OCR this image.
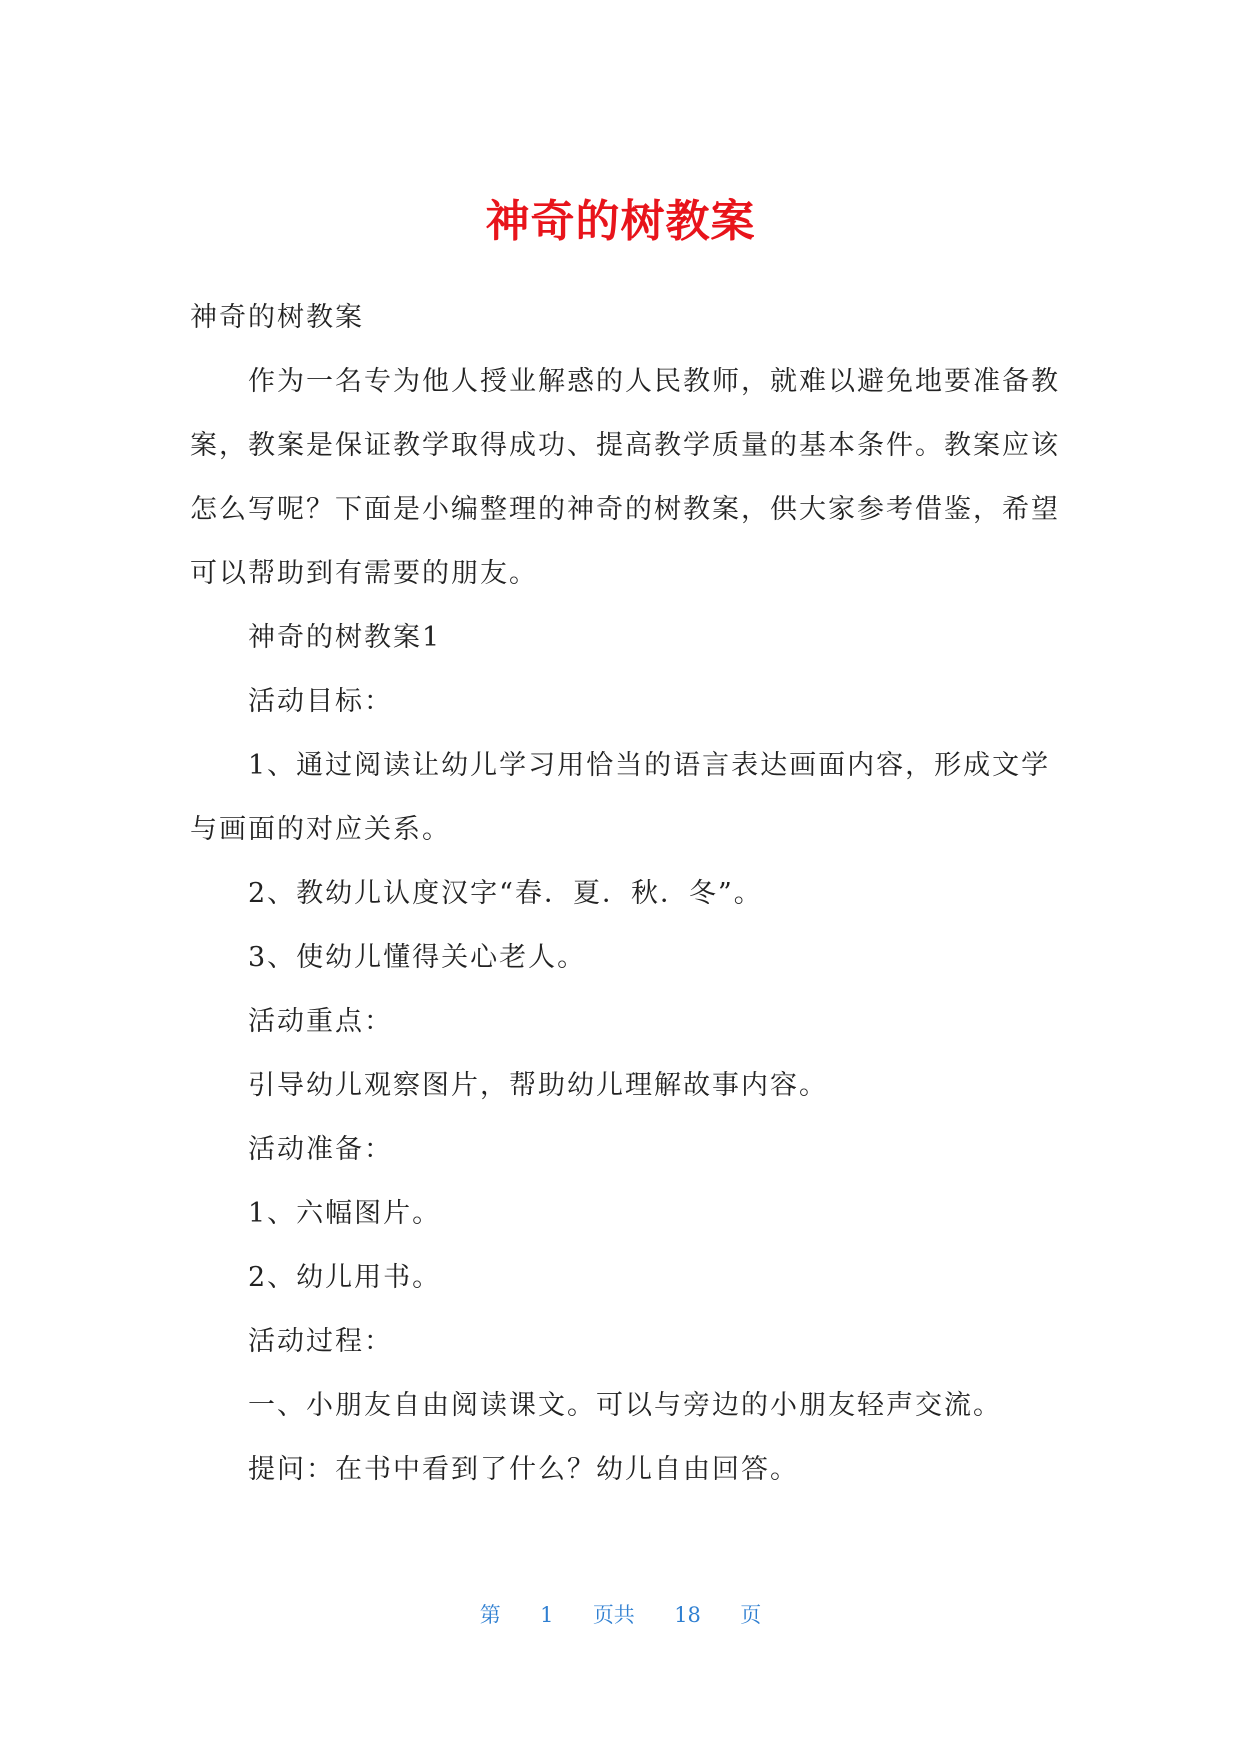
神奇的树教案

神奇的树教案

作为一名专为他人授业解惑的人民教师，就难以避免地要准备教案，教案是保证教学取得成功、提高教学质量的基本条件。教案应该怎么写呢？下面是小编整理的神奇的树教案，供大家参考借鉴，希望可以帮助到有需要的朋友。

神奇的树教案1

活动目标：

1、通过阅读让幼儿学习用恰当的语言表达画面内容，形成文学与画面的对应关系。

2、教幼儿认度汉字“春．夏．秋．冬”。

3、使幼儿懂得关心老人。

活动重点：

引导幼儿观察图片，帮助幼儿理解故事内容。

活动准备：

1、六幅图片。

2、幼儿用书。

活动过程：

一、小朋友自由阅读课文。可以与旁边的小朋友轻声交流。

提问：在书中看到了什么？幼儿自由回答。

第 1 页共 18 页
